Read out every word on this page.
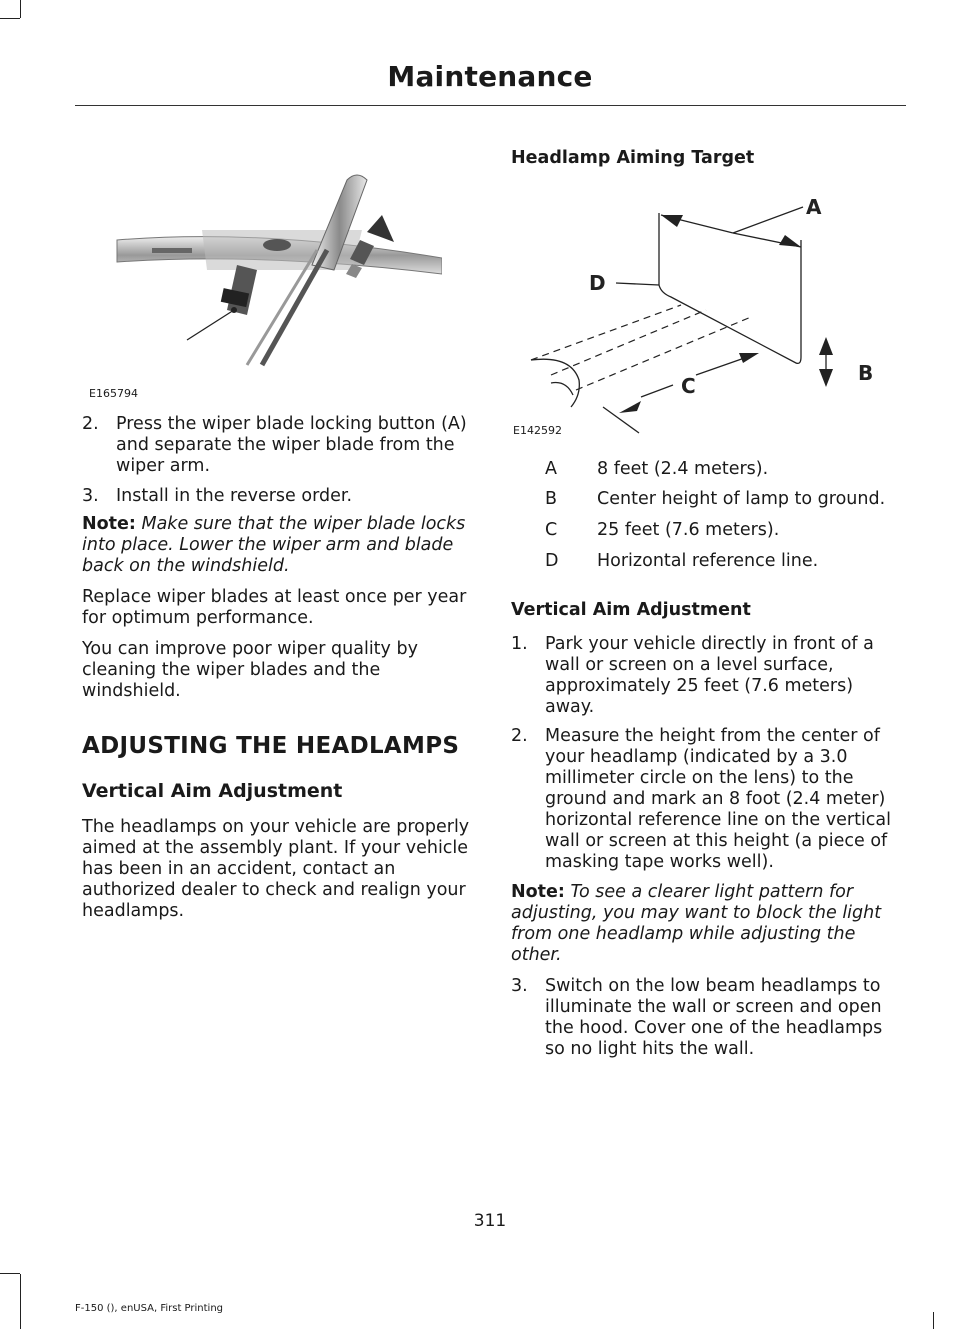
Maintenance
E165794
2. Press the wiper blade locking button (A) and separate the wiper blade from the wiper arm.
3. Install in the reverse order.
Note: Make sure that the wiper blade locks into place. Lower the wiper arm and blade back on the windshield.
Replace wiper blades at least once per year for optimum performance.
You can improve poor wiper quality by cleaning the wiper blades and the windshield.
ADJUSTING THE HEADLAMPS
Vertical Aim Adjustment
The headlamps on your vehicle are properly aimed at the assembly plant. If your vehicle has been in an accident, contact an authorized dealer to check and realign your headlamps.
Headlamp Aiming Target
A
B
C
D
E142592
A	8 feet (2.4 meters).
B	Center height of lamp to ground.
C	25 feet (7.6 meters).
D	Horizontal reference line.
Vertical Aim Adjustment
1. Park your vehicle directly in front of a wall or screen on a level surface, approximately 25 feet (7.6 meters) away.
2. Measure the height from the center of your headlamp (indicated by a 3.0 millimeter circle on the lens) to the ground and mark an 8 foot (2.4 meter) horizontal reference line on the vertical wall or screen at this height (a piece of masking tape works well).
Note: To see a clearer light pattern for adjusting, you may want to block the light from one headlamp while adjusting the other.
3. Switch on the low beam headlamps to illuminate the wall or screen and open the hood. Cover one of the headlamps so no light hits the wall.
311
F-150 (), enUSA, First Printing
